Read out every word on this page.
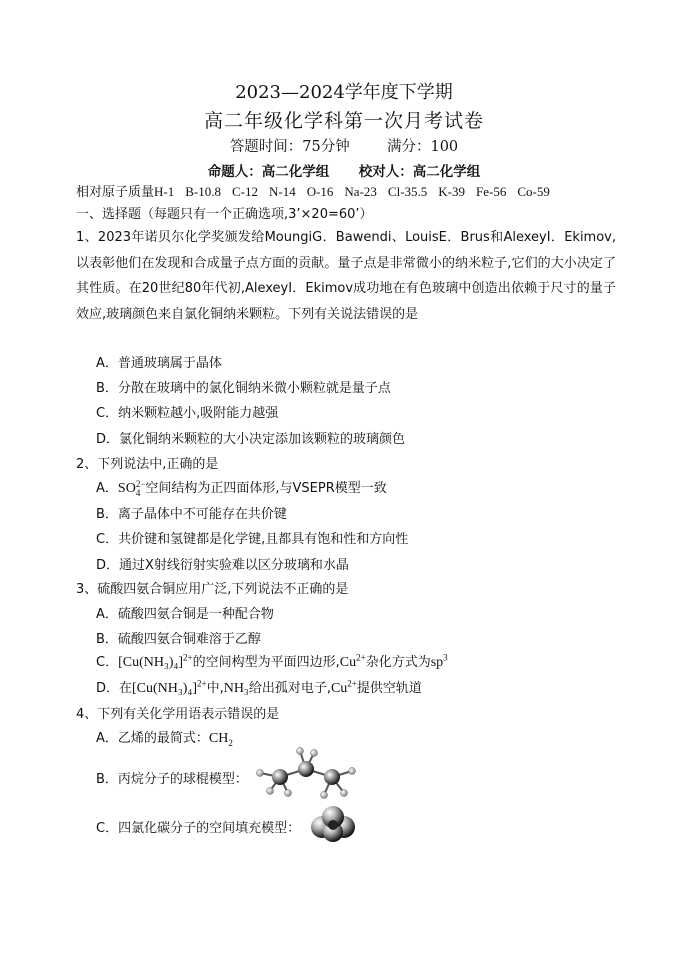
2023—2024学年度下学期
高二年级化学科第一次月考试卷
答题时间：75分钟	满分：100
命题人：高二化学组 校对人：高二化学组
相对原子质量H-1 B-10.8 C-12 N-14 O-16 Na-23 Cl-35.5 K-39 Fe-56 Co-59
一、选择题（每题只有一个正确选项,3’×20=60’）
1、2023年诺贝尔化学奖颁发给MoungiG．Bawendi、LouisE．Brus和AlexeyI．Ekimov,以表彰他们在发现和合成量子点方面的贡献。量子点是非常微小的纳米粒子,它们的大小决定了其性质。在20世纪80年代初,AlexeyI．Ekimov成功地在有色玻璃中创造出依赖于尺寸的量子效应,玻璃颜色来自氯化铜纳米颗粒。下列有关说法错误的是
A．普通玻璃属于晶体
B．分散在玻璃中的氯化铜纳米微小颗粒就是量子点
C．纳米颗粒越小,吸附能力越强
D．氯化铜纳米颗粒的大小决定添加该颗粒的玻璃颜色
2、下列说法中,正确的是
A．SO 2−
4 空间结构为正四面体形,与VSEPR模型一致
B．离子晶体中不可能存在共价键
C．共价键和氢键都是化学键,且都具有饱和性和方向性
D．通过X射线衍射实验难以区分玻璃和水晶
3、硫酸四氨合铜应用广泛,下列说法不正确的是
A．硫酸四氨合铜是一种配合物
B．硫酸四氨合铜难溶于乙醇
C．$[Cu(NH_3)_4]^{2+}$的空间构型为平面四边形$,Cu^{2+}$杂化方式为$sp^3$
D．在$[Cu(NH_3)_4]^{2+}$中,NH₃给出孤对电子$,Cu^{2+}$提供空轨道
4、下列有关化学用语表示错误的是
A．乙烯的最简式：$CH_2$
B．丙烷分子的球棍模型：
C．四氯化碳分子的空间填充模型：
